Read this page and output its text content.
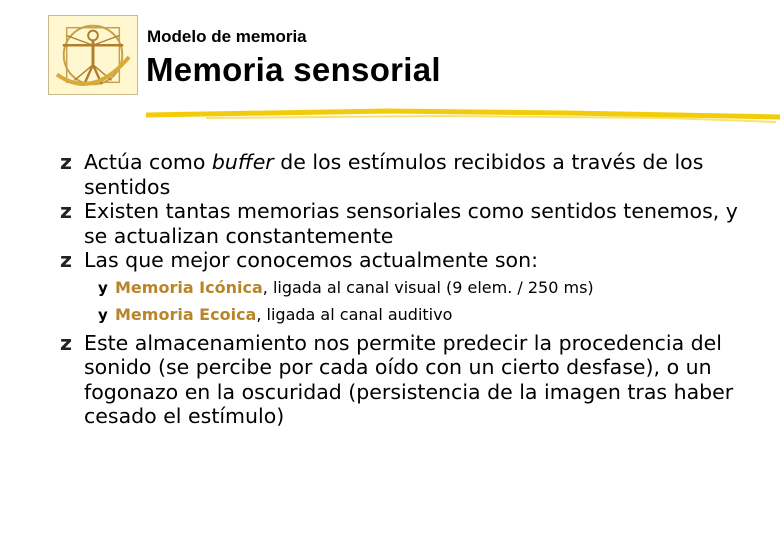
Modelo de memoria
Memoria sensorial

z Actúa como buffer de los estímulos recibidos a través de los sentidos

z Existen tantas memorias sensoriales como sentidos tenemos, y se actualizan constantemente

z Las que mejor conocemos actualmente son:

y Memoria Icónica, ligada al canal visual (9 elem. / 250 ms)

y Memoria Ecoica, ligada al canal auditivo

z Este almacenamiento nos permite predecir la procedencia del sonido (se percibe por cada oído con un cierto desfase), o un fogonazo en la oscuridad (persistencia de la imagen tras haber cesado el estímulo)
